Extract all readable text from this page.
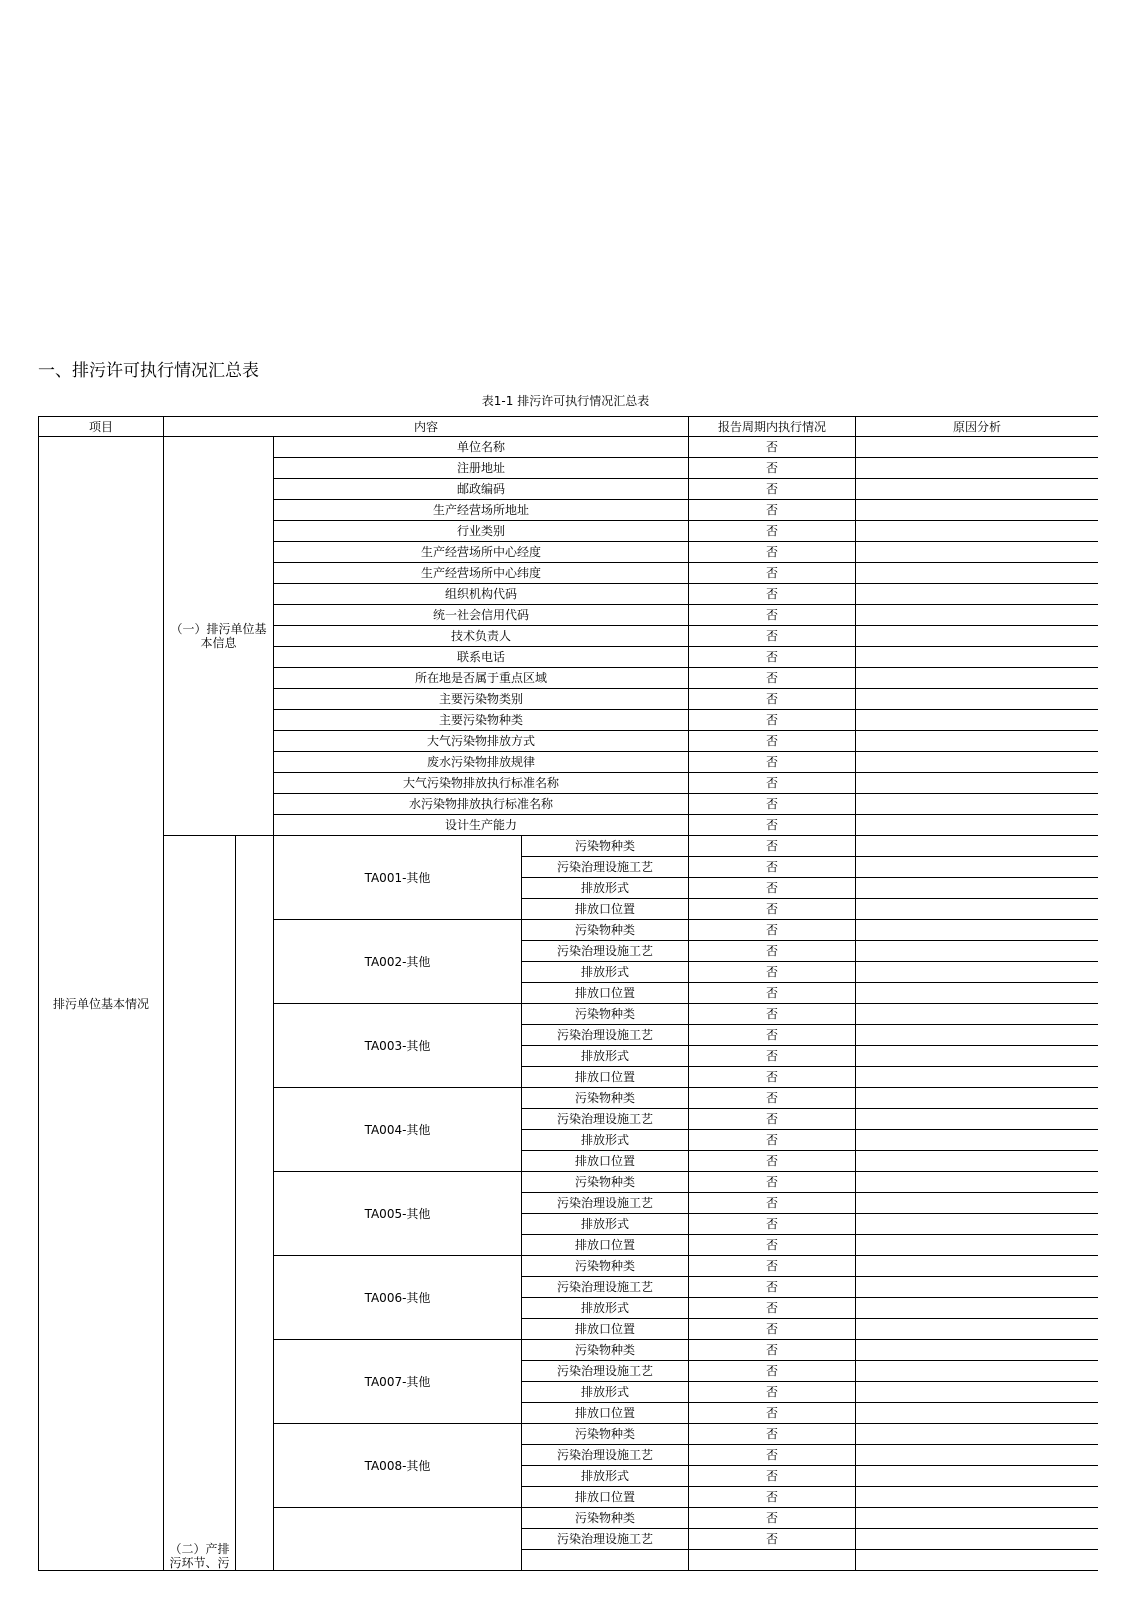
一、排污许可执行情况汇总表
表1-1 排污许可执行情况汇总表
项目	内容				报告周期内执行情况	原因分析
排污单位基本情况	（一）排污单位基本信息		单位名称		否	
			注册地址		否	
			邮政编码		否	
			生产经营场所地址		否	
			行业类别		否	
			生产经营场所中心经度		否	
			生产经营场所中心纬度		否	
			组织机构代码		否	
			统一社会信用代码		否	
			技术负责人		否	
			联系电话		否	
			所在地是否属于重点区域		否	
			主要污染物类别		否	
			主要污染物种类		否	
			大气污染物排放方式		否	
			废水污染物排放规律		否	
			大气污染物排放执行标准名称		否	
			水污染物排放执行标准名称		否	
			设计生产能力		否	
	（二）产排污环节、污		TA001-其他	污染物种类	否	
				污染治理设施工艺	否	
				排放形式	否	
				排放口位置	否	
			TA002-其他	污染物种类	否	
				污染治理设施工艺	否	
				排放形式	否	
				排放口位置	否	
			TA003-其他	污染物种类	否	
				污染治理设施工艺	否	
				排放形式	否	
				排放口位置	否	
			TA004-其他	污染物种类	否	
				污染治理设施工艺	否	
				排放形式	否	
				排放口位置	否	
			TA005-其他	污染物种类	否	
				污染治理设施工艺	否	
				排放形式	否	
				排放口位置	否	
			TA006-其他	污染物种类	否	
				污染治理设施工艺	否	
				排放形式	否	
				排放口位置	否	
			TA007-其他	污染物种类	否	
				污染治理设施工艺	否	
				排放形式	否	
				排放口位置	否	
			TA008-其他	污染物种类	否	
				污染治理设施工艺	否	
				排放形式	否	
				排放口位置	否	
				污染物种类	否	
				污染治理设施工艺	否	
